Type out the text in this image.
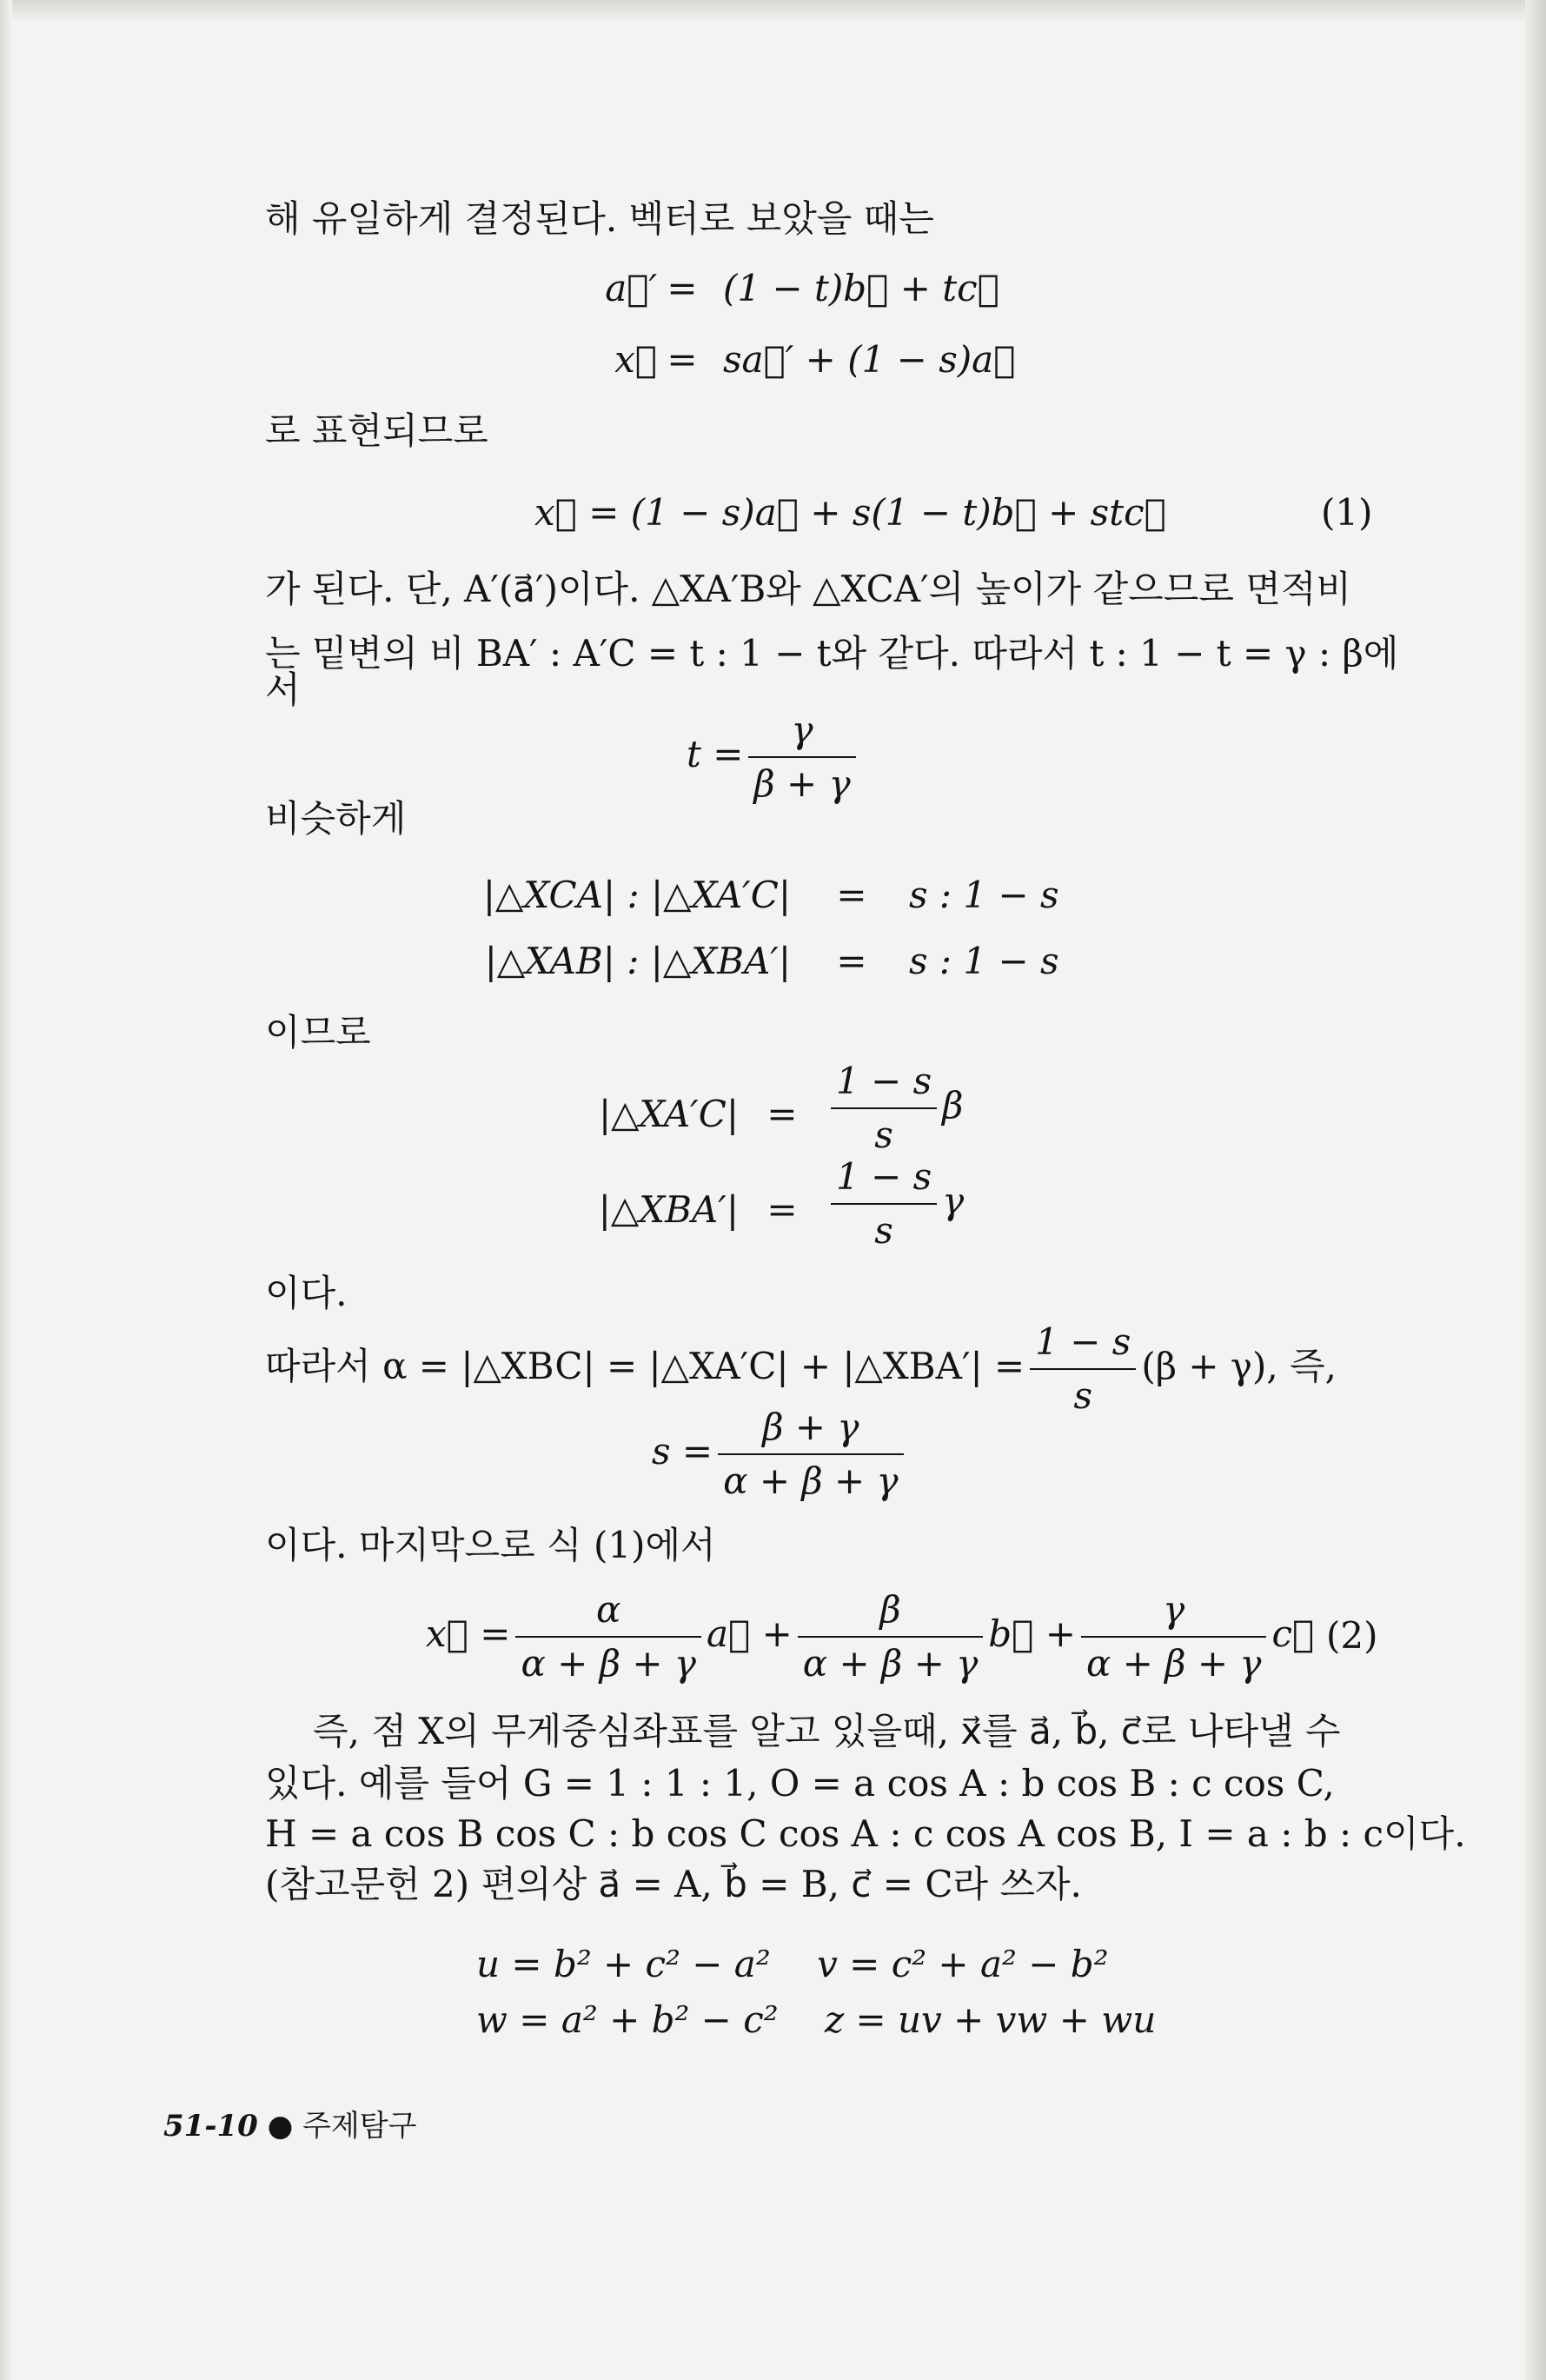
해 유일하게 결정된다. 벡터로 보았을 때는
a⃗′ = (1 − t)b⃗ + tc⃗
x⃗ = sa⃗′ + (1 − s)a⃗
로 표현되므로
x⃗ = (1 − s)a⃗ + s(1 − t)b⃗ + stc⃗	(1)
가 된다. 단, A′(a⃗′)이다. △XA′B와 △XCA′의 높이가 같으므로 면적비
는 밑변의 비 BA′ : A′C = t : 1 − t와 같다. 따라서 t : 1 − t = γ : β에
서
$t = \frac{\gamma}{\beta + \gamma}$
비슷하게
|△XCA| : |△XA′C| = s : 1 − s
|△XAB| : |△XBA′| = s : 1 − s
이므로
|△XA′C| = $\frac{1 - s}{s}$ β
|△XBA′| = $\frac{1 - s}{s}$ γ
이다.
따라서 α = |△XBC| = |△XA′C| + |△XBA′| = $\frac{1 - s}{s} (\beta + \gamma)$, 즉,
$s = \frac{\beta + \gamma}{\alpha + \beta + \gamma}$
이다. 마지막으로 식 (1)에서
x⃗ = $\frac{\alpha}{\alpha + \beta + \gamma}$ a⃗ + $\frac{\beta}{\alpha + \beta + \gamma}$ b⃗ + $\frac{\gamma}{\alpha + \beta + \gamma}$ c⃗ (2)
즉, 점 X의 무게중심좌표를 알고 있을때, x⃗를 a⃗, b⃗, c⃗로 나타낼 수
있다. 예를 들어 G = 1 : 1 : 1, O = a cos A : b cos B : c cos C,
H = a cos B cos C : b cos C cos A : c cos A cos B, I = a : b : c이다.
(참고문헌 2) 편의상 a⃗ = A, b⃗ = B, c⃗ = C라 쓰자.
u = b² + c² − a²    v = c² + a² − b²
w = a² + b² − c²    z = uv + vw + wu
51-10 ● 주제탐구
